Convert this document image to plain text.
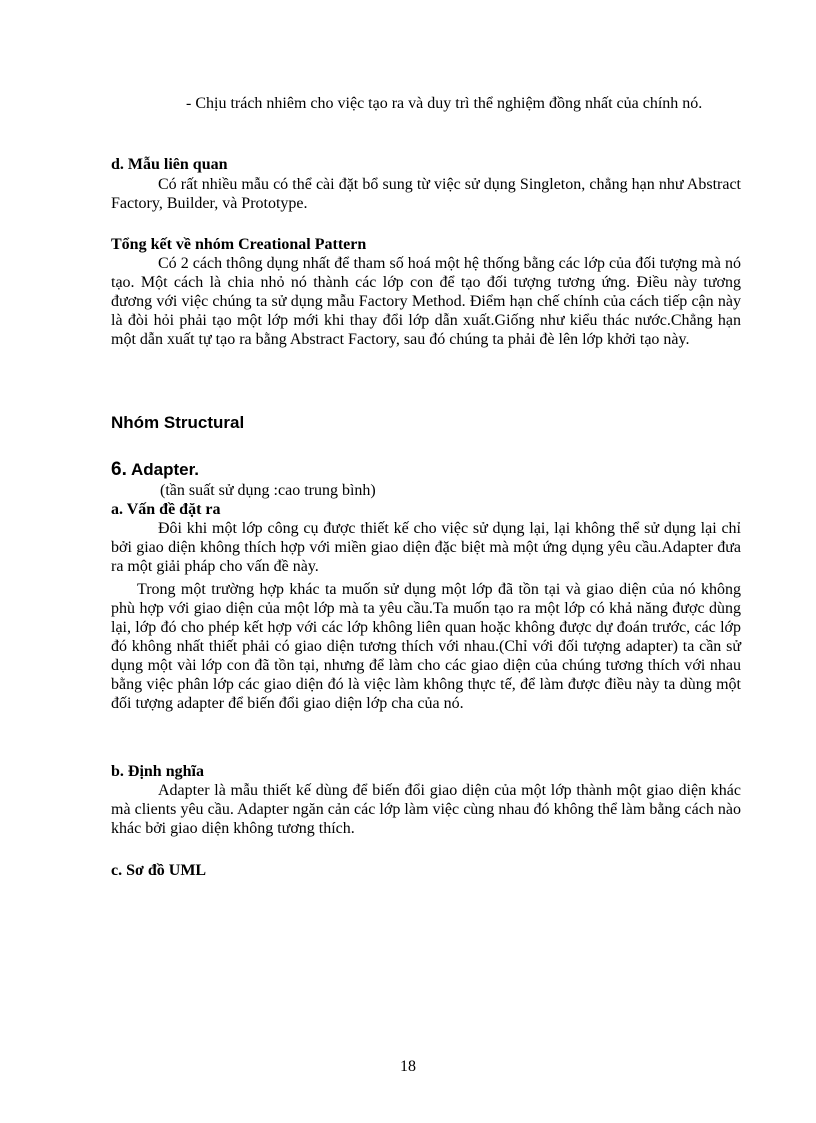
- Chịu trách nhiêm cho việc tạo ra và duy trì thể nghiệm đồng nhất của chính nó.
d. Mẫu liên quan
Có rất nhiều mẫu có thể cài đặt bổ sung từ việc sử dụng Singleton, chẳng hạn như Abstract Factory, Builder, và Prototype.
Tổng kết về nhóm Creational Pattern
Có 2 cách thông dụng nhất để tham số hoá một hệ thống bằng các lớp của đối tượng mà nó tạo. Một cách là chia nhỏ nó thành các lớp con để tạo đối tượng tương ứng. Điều này tương đương với việc chúng ta sử dụng mẫu Factory Method. Điểm hạn chế chính của cách tiếp cận này là đòi hỏi phải tạo một lớp mới khi thay đổi lớp dẫn xuất.Giống như kiểu thác nước.Chẳng hạn một dẫn xuất tự tạo ra bằng Abstract Factory, sau đó chúng ta phải đè lên lớp khởi tạo này.
Nhóm Structural
6. Adapter.
(tần suất sử dụng :cao trung bình)
a. Vấn đề đặt ra
Đôi khi một lớp công cụ được thiết kế cho việc sử dụng lại, lại không thể sử dụng lại chỉ bởi giao diện không thích hợp với miền giao diện đặc biệt mà một ứng dụng yêu cầu.Adapter đưa ra một giải pháp cho vấn đề này.
Trong một trường hợp khác ta muốn sử dụng một lớp đã tồn tại và giao diện của nó không phù hợp với giao diện của một lớp mà ta yêu cầu.Ta muốn tạo ra một lớp có khả năng được dùng lại, lớp đó cho phép kết hợp với các lớp không liên quan hoặc không được dự đoán trước, các lớp đó không nhất thiết phải có giao diện tương thích với nhau.(Chỉ với đối tượng adapter) ta cần sử dụng một vài lớp con đã tồn tại, nhưng để làm cho các giao diện của chúng tương thích với nhau bằng việc phân lớp các giao diện đó là việc làm không thực tế, để làm được điều này ta dùng một đối tượng adapter để biến đổi giao diện lớp cha của nó.
b. Định nghĩa
Adapter là mẫu thiết kế dùng để biến đổi giao diện của một lớp thành một giao diện khác mà clients yêu cầu. Adapter ngăn cản các lớp làm việc cùng nhau đó không thể làm bằng cách nào khác bởi giao diện không tương thích.
c. Sơ đồ UML
18
